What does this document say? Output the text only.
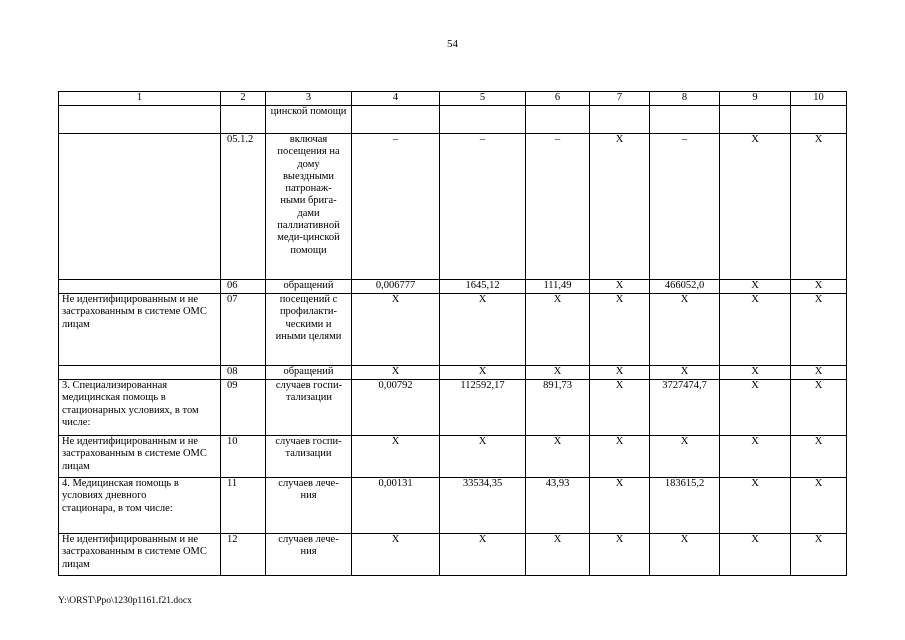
54
1	2	3	4	5	6	7	8	9	10

		цинской помощи							

	05.1.2	включая посещения на дому выездными патронаж-ными брига-дами паллиативной меди-цинской помощи	–	–	–	Х	–	Х	Х

	06	обращений	0,006777	1645,12	111,49	Х	466052,0	Х	Х

Не идентифицированным и не застрахованным в системе ОМС лицам	07	посещений с профилакти-ческими и иными целями	Х	Х	Х	Х	Х	Х	Х

	08	обращений	Х	Х	Х	Х	Х	Х	Х

3. Специализированная медицинская помощь в стационарных условиях, в том числе:	09	случаев госпи-тализации	0,00792	112592,17	891,73	Х	3727474,7	Х	Х

Не идентифицированным и не застрахованным в системе ОМС лицам	10	случаев госпи-тализации	Х	Х	Х	Х	Х	Х	Х

4. Медицинская помощь в условиях дневного стационара, в том числе:	11	случаев лече-ния	0,00131	33534,35	43,93	Х	183615,2	Х	Х

Не идентифицированным и не застрахованным в системе ОМС лицам	12	случаев лече-ния	Х	Х	Х	Х	Х	Х	Х
Y:\ORST\Ppo\1230p1161.f21.docx
